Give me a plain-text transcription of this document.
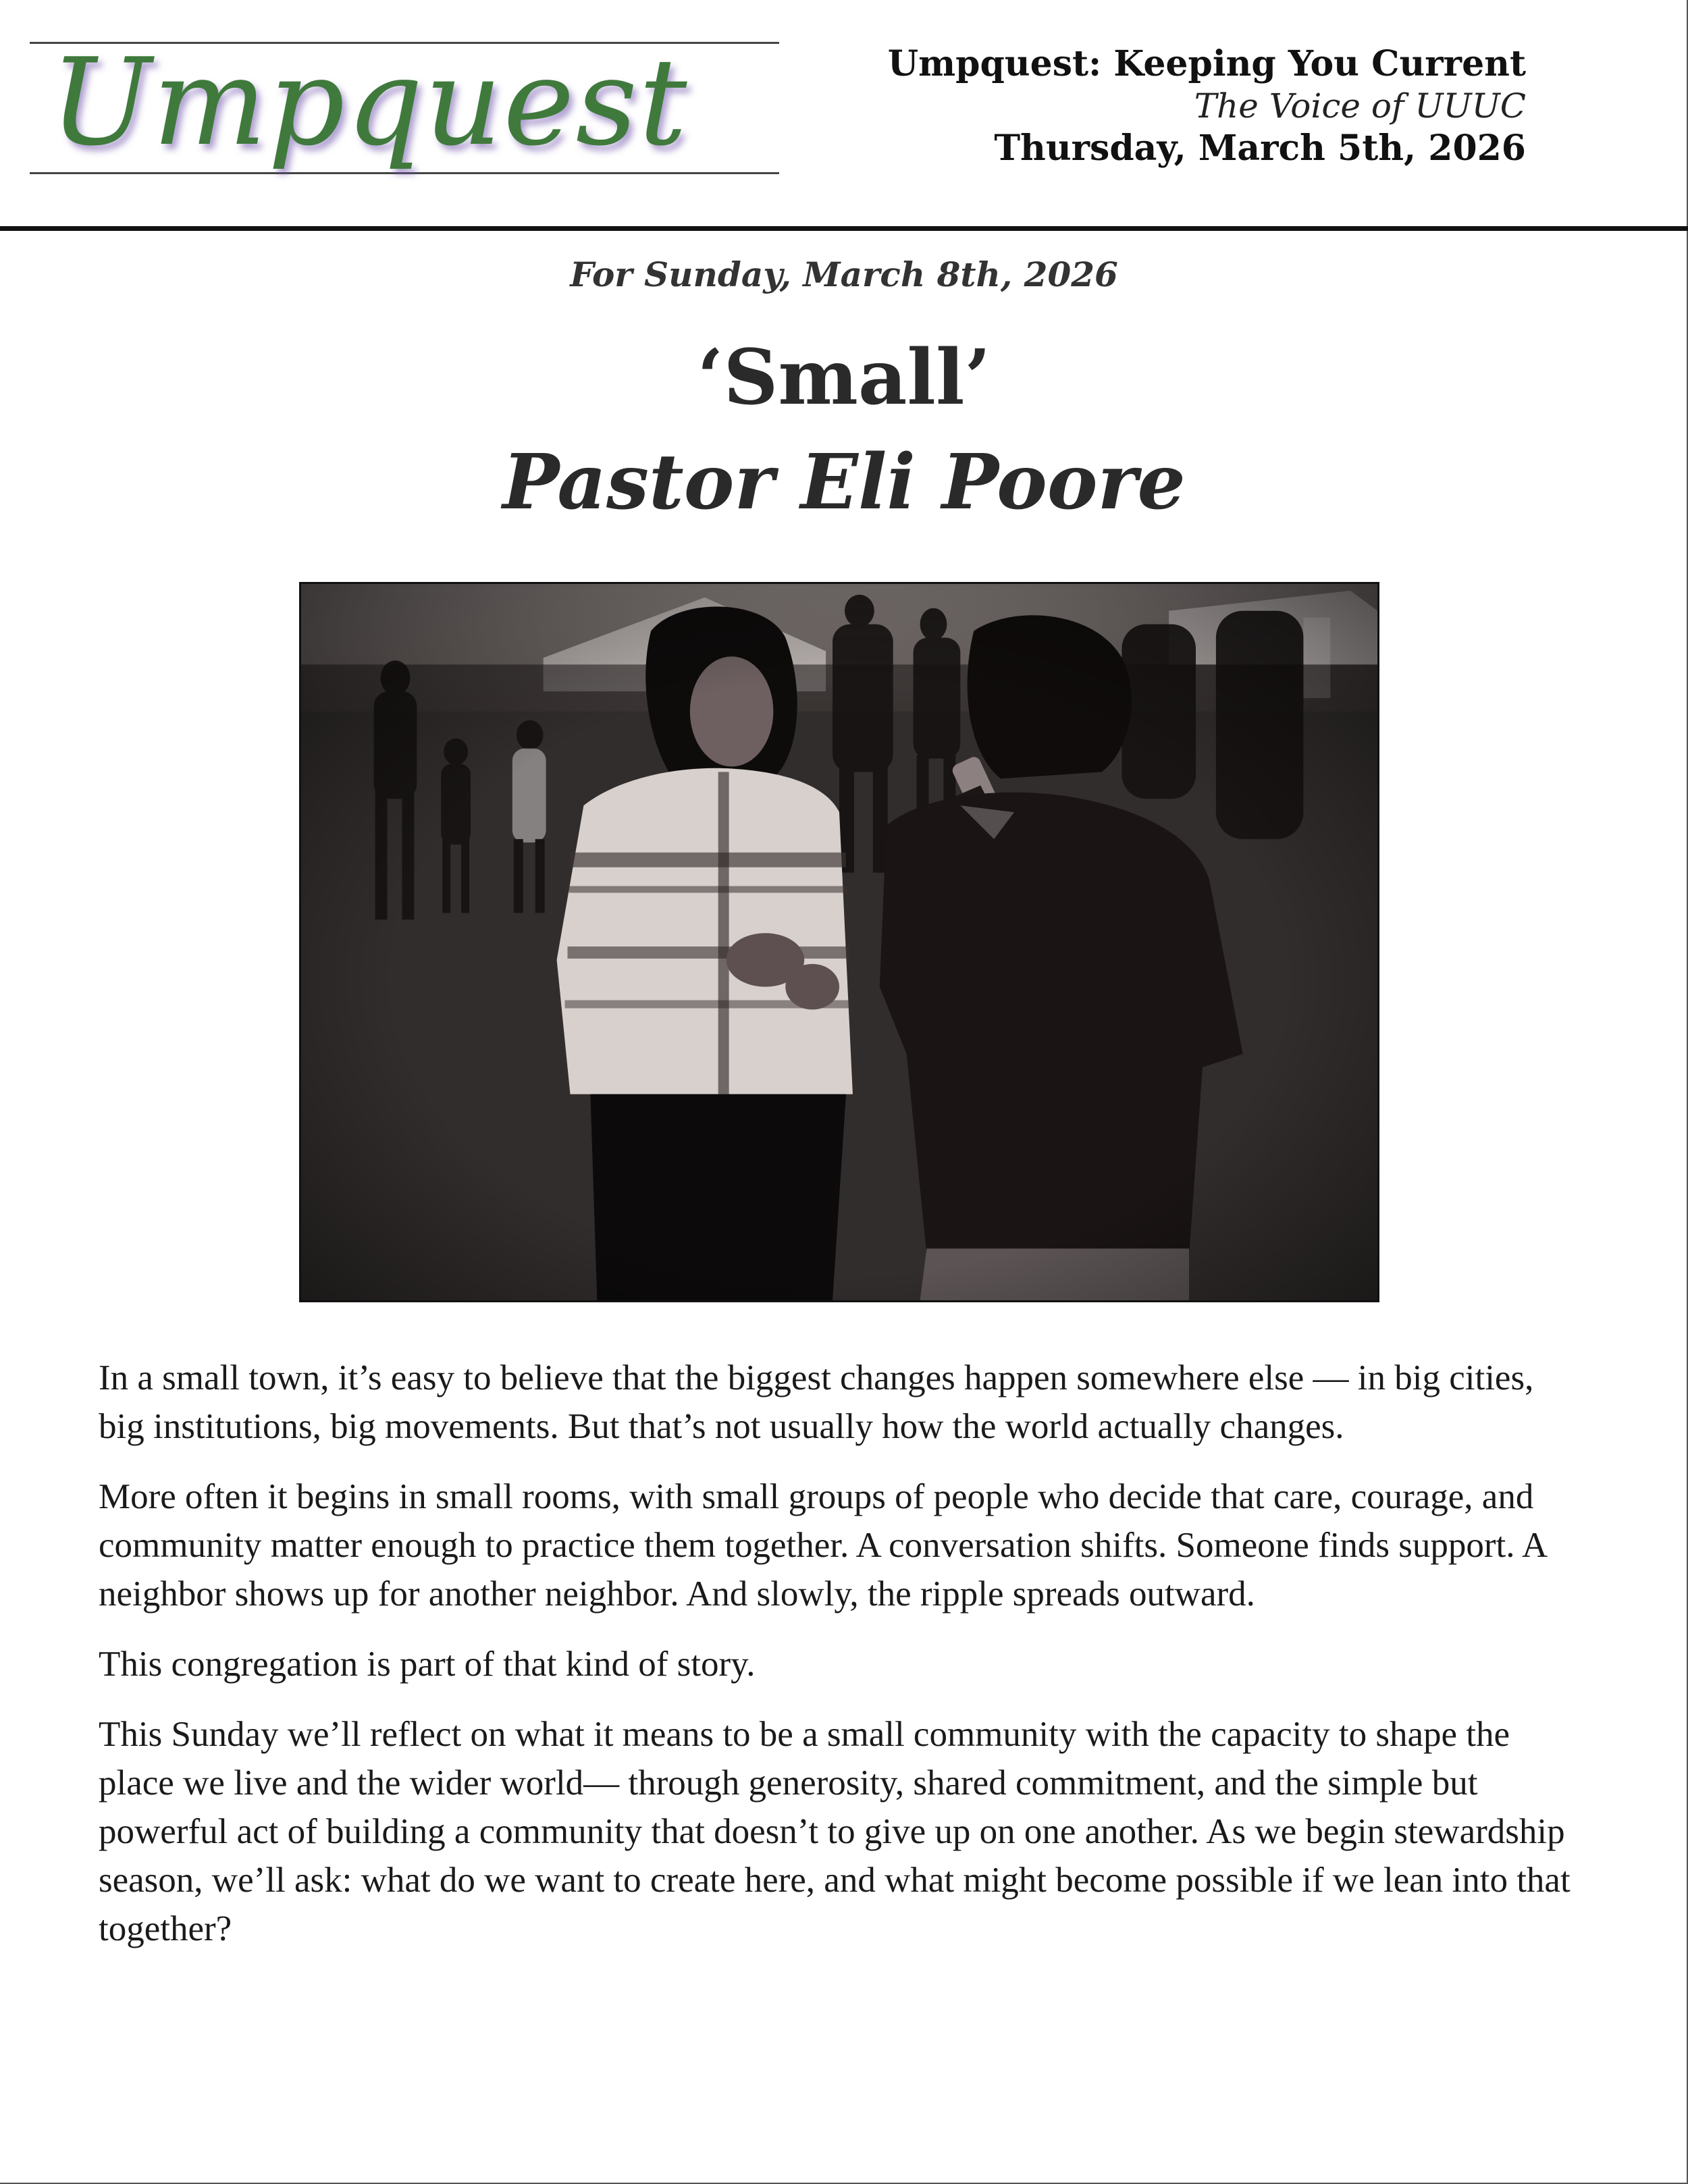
Umpquest	Umpquest: Keeping You Current
The Voice of UUUC
Thursday, March 5th, 2026
For Sunday, March 8th, 2026
‘Small’
Pastor Eli Poore

In a small town, it’s easy to believe that the biggest changes happen somewhere else — in big cities, big institutions, big movements. But that’s not usually how the world actually changes.

More often it begins in small rooms, with small groups of people who decide that care, courage, and community matter enough to practice them together. A conversation shifts. Someone finds support. A neighbor shows up for another neighbor. And slowly, the ripple spreads outward.

This congregation is part of that kind of story.

This Sunday we’ll reflect on what it means to be a small community with the capacity to shape the place we live and the wider world— through generosity, shared commitment, and the simple but powerful act of building a community that doesn’t to give up on one another. As we begin stewardship season, we’ll ask: what do we want to create here, and what might become possible if we lean into that together?
